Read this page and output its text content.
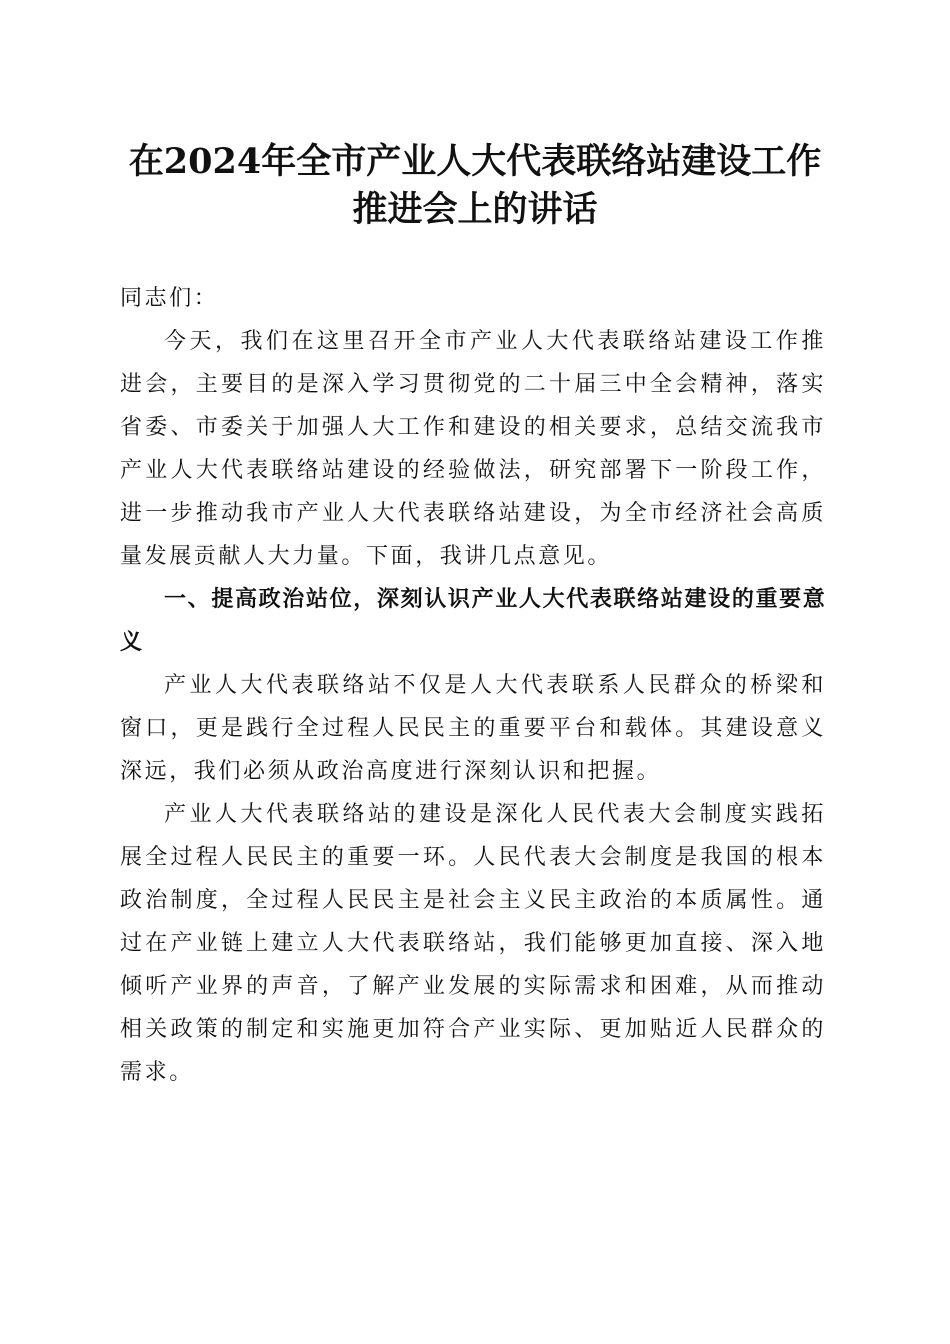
在2024年全市产业人大代表联络站建设工作
推进会上的讲话

同志们：

今天，我们在这里召开全市产业人大代表联络站建设工作推进会，主要目的是深入学习贯彻党的二十届三中全会精神，落实省委、市委关于加强人大工作和建设的相关要求，总结交流我市产业人大代表联络站建设的经验做法，研究部署下一阶段工作，进一步推动我市产业人大代表联络站建设，为全市经济社会高质量发展贡献人大力量。下面，我讲几点意见。

一、提高政治站位，深刻认识产业人大代表联络站建设的重要意义

产业人大代表联络站不仅是人大代表联系人民群众的桥梁和窗口，更是践行全过程人民民主的重要平台和载体。其建设意义深远，我们必须从政治高度进行深刻认识和把握。

产业人大代表联络站的建设是深化人民代表大会制度实践拓展全过程人民民主的重要一环。人民代表大会制度是我国的根本政治制度，全过程人民民主是社会主义民主政治的本质属性。通过在产业链上建立人大代表联络站，我们能够更加直接、深入地倾听产业界的声音，了解产业发展的实际需求和困难，从而推动相关政策的制定和实施更加符合产业实际、更加贴近人民群众的需求。
